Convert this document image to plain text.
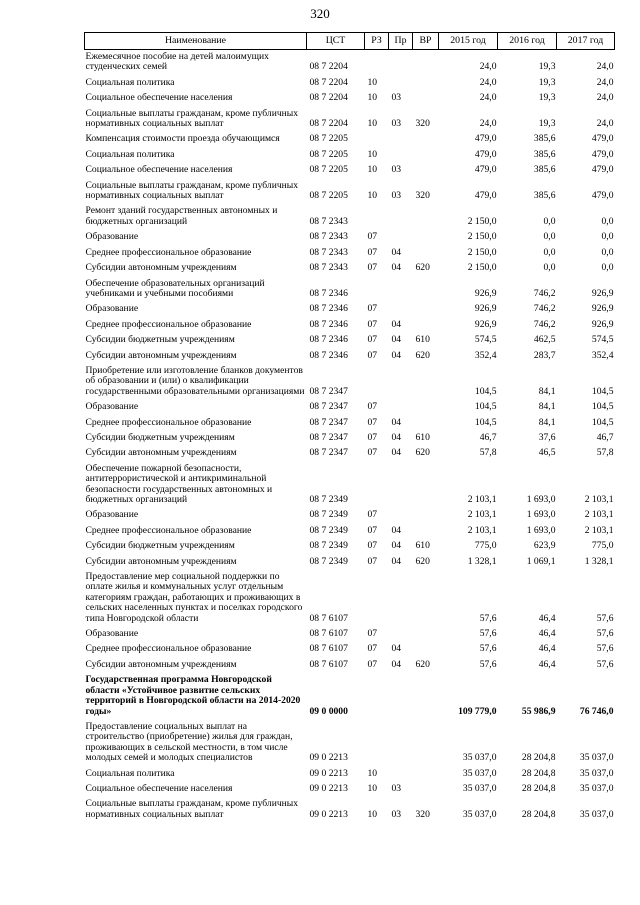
320
Наименование	ЦСТ	РЗ	Пр	ВР	2015 год	2016 год	2017 год
Ежемесячное пособие на детей малоимущих студенческих семей	08 7 2204				24,0	19,3	24,0
Социальная политика	08 7 2204	10			24,0	19,3	24,0
Социальное обеспечение населения	08 7 2204	10	03		24,0	19,3	24,0
Социальные выплаты гражданам, кроме публичных нормативных социальных выплат	08 7 2204	10	03	320	24,0	19,3	24,0
Компенсация стоимости проезда обучающимся	08 7 2205				479,0	385,6	479,0
Социальная политика	08 7 2205	10			479,0	385,6	479,0
Социальное обеспечение населения	08 7 2205	10	03		479,0	385,6	479,0
Социальные выплаты гражданам, кроме публичных нормативных социальных выплат	08 7 2205	10	03	320	479,0	385,6	479,0
Ремонт зданий государственных автономных и бюджетных организаций	08 7 2343				2 150,0	0,0	0,0
Образование	08 7 2343	07			2 150,0	0,0	0,0
Среднее профессиональное образование	08 7 2343	07	04		2 150,0	0,0	0,0
Субсидии автономным учреждениям	08 7 2343	07	04	620	2 150,0	0,0	0,0
Обеспечение образовательных организаций учебниками и учебными пособиями	08 7 2346				926,9	746,2	926,9
Образование	08 7 2346	07			926,9	746,2	926,9
Среднее профессиональное образование	08 7 2346	07	04		926,9	746,2	926,9
Субсидии бюджетным учреждениям	08 7 2346	07	04	610	574,5	462,5	574,5
Субсидии автономным учреждениям	08 7 2346	07	04	620	352,4	283,7	352,4
Приобретение или изготовление бланков документов об образовании и (или) о квалификации государственными образовательными организациями	08 7 2347				104,5	84,1	104,5
Образование	08 7 2347	07			104,5	84,1	104,5
Среднее профессиональное образование	08 7 2347	07	04		104,5	84,1	104,5
Субсидии бюджетным учреждениям	08 7 2347	07	04	610	46,7	37,6	46,7
Субсидии автономным учреждениям	08 7 2347	07	04	620	57,8	46,5	57,8
Обеспечение пожарной безопасности, антитеррористической и антикриминальной безопасности государственных автономных и бюджетных организаций	08 7 2349				2 103,1	1 693,0	2 103,1
Образование	08 7 2349	07			2 103,1	1 693,0	2 103,1
Среднее профессиональное образование	08 7 2349	07	04		2 103,1	1 693,0	2 103,1
Субсидии бюджетным учреждениям	08 7 2349	07	04	610	775,0	623,9	775,0
Субсидии автономным учреждениям	08 7 2349	07	04	620	1 328,1	1 069,1	1 328,1
Предоставление мер социальной поддержки по оплате жилья и коммунальных услуг отдельным категориям граждан, работающих и проживающих в сельских населенных пунктах и поселках городского типа Новгородской области	08 7 6107				57,6	46,4	57,6
Образование	08 7 6107	07			57,6	46,4	57,6
Среднее профессиональное образование	08 7 6107	07	04		57,6	46,4	57,6
Субсидии автономным учреждениям	08 7 6107	07	04	620	57,6	46,4	57,6
Государственная программа Новгородской области «Устойчивое развитие сельских территорий в Новгородской области на 2014-2020 годы»	09 0 0000				109 779,0	55 986,9	76 746,0
Предоставление социальных выплат на строительство (приобретение) жилья для граждан, проживающих в сельской местности, в том числе молодых семей и молодых специалистов	09 0 2213				35 037,0	28 204,8	35 037,0
Социальная политика	09 0 2213	10			35 037,0	28 204,8	35 037,0
Социальное обеспечение населения	09 0 2213	10	03		35 037,0	28 204,8	35 037,0
Социальные выплаты гражданам, кроме публичных нормативных социальных выплат	09 0 2213	10	03	320	35 037,0	28 204,8	35 037,0
